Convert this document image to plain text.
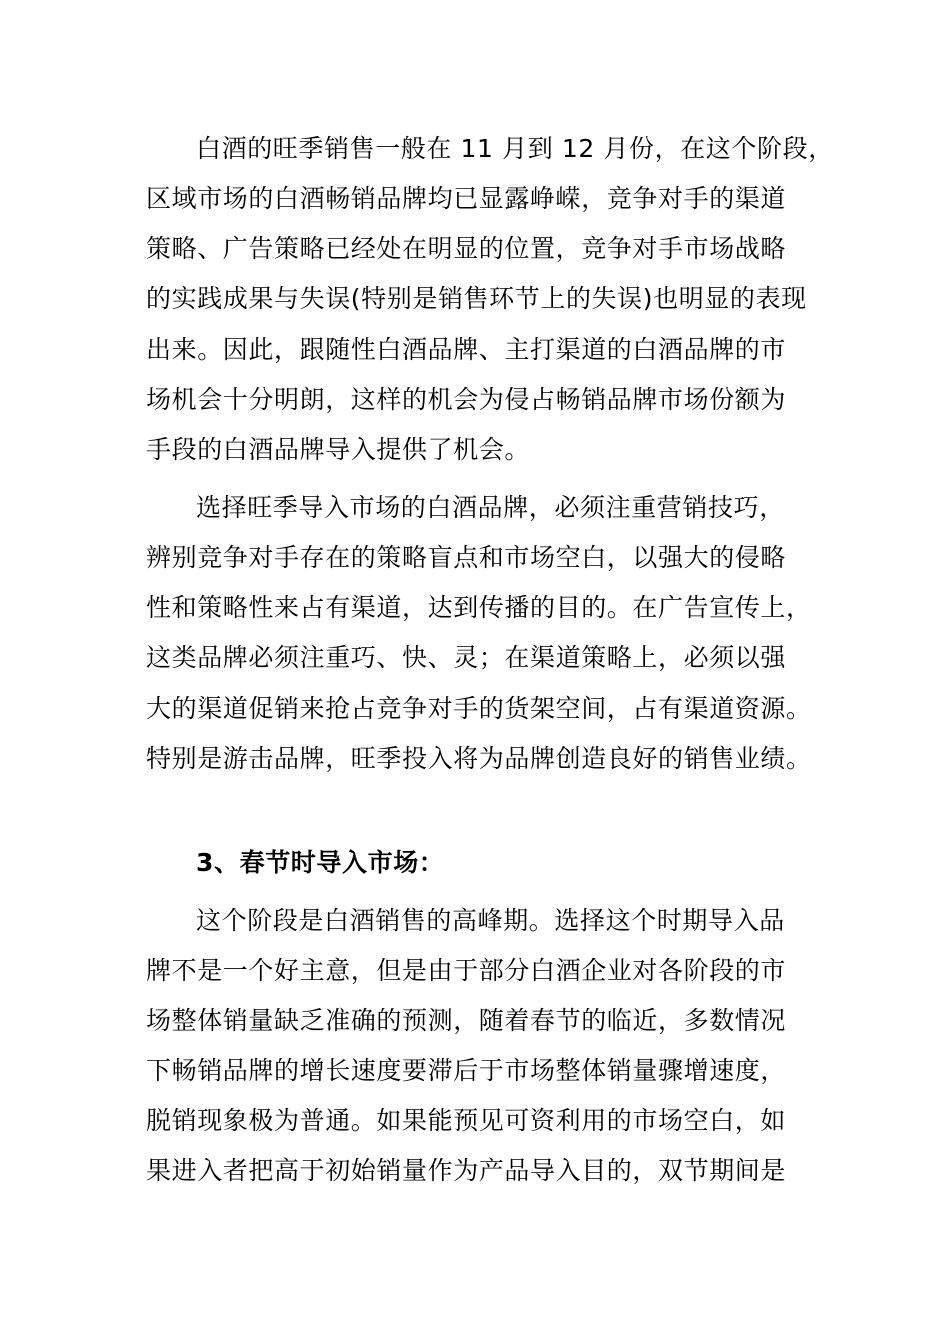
白酒的旺季销售一般在 11 月到 12 月份，在这个阶段，
区域市场的白酒畅销品牌均已显露峥嵘，竞争对手的渠道
策略、广告策略已经处在明显的位置，竞争对手市场战略
的实践成果与失误(特别是销售环节上的失误)也明显的表现
出来。因此，跟随性白酒品牌、主打渠道的白酒品牌的市
场机会十分明朗，这样的机会为侵占畅销品牌市场份额为
手段的白酒品牌导入提供了机会。
选择旺季导入市场的白酒品牌，必须注重营销技巧，
辨别竞争对手存在的策略盲点和市场空白，以强大的侵略
性和策略性来占有渠道，达到传播的目的。在广告宣传上，
这类品牌必须注重巧、快、灵；在渠道策略上，必须以强
大的渠道促销来抢占竞争对手的货架空间，占有渠道资源。
特别是游击品牌，旺季投入将为品牌创造良好的销售业绩。
3、春节时导入市场：
这个阶段是白酒销售的高峰期。选择这个时期导入品
牌不是一个好主意，但是由于部分白酒企业对各阶段的市
场整体销量缺乏准确的预测，随着春节的临近，多数情况
下畅销品牌的增长速度要滞后于市场整体销量骤增速度，
脱销现象极为普通。如果能预见可资利用的市场空白，如
果进入者把高于初始销量作为产品导入目的，双节期间是
